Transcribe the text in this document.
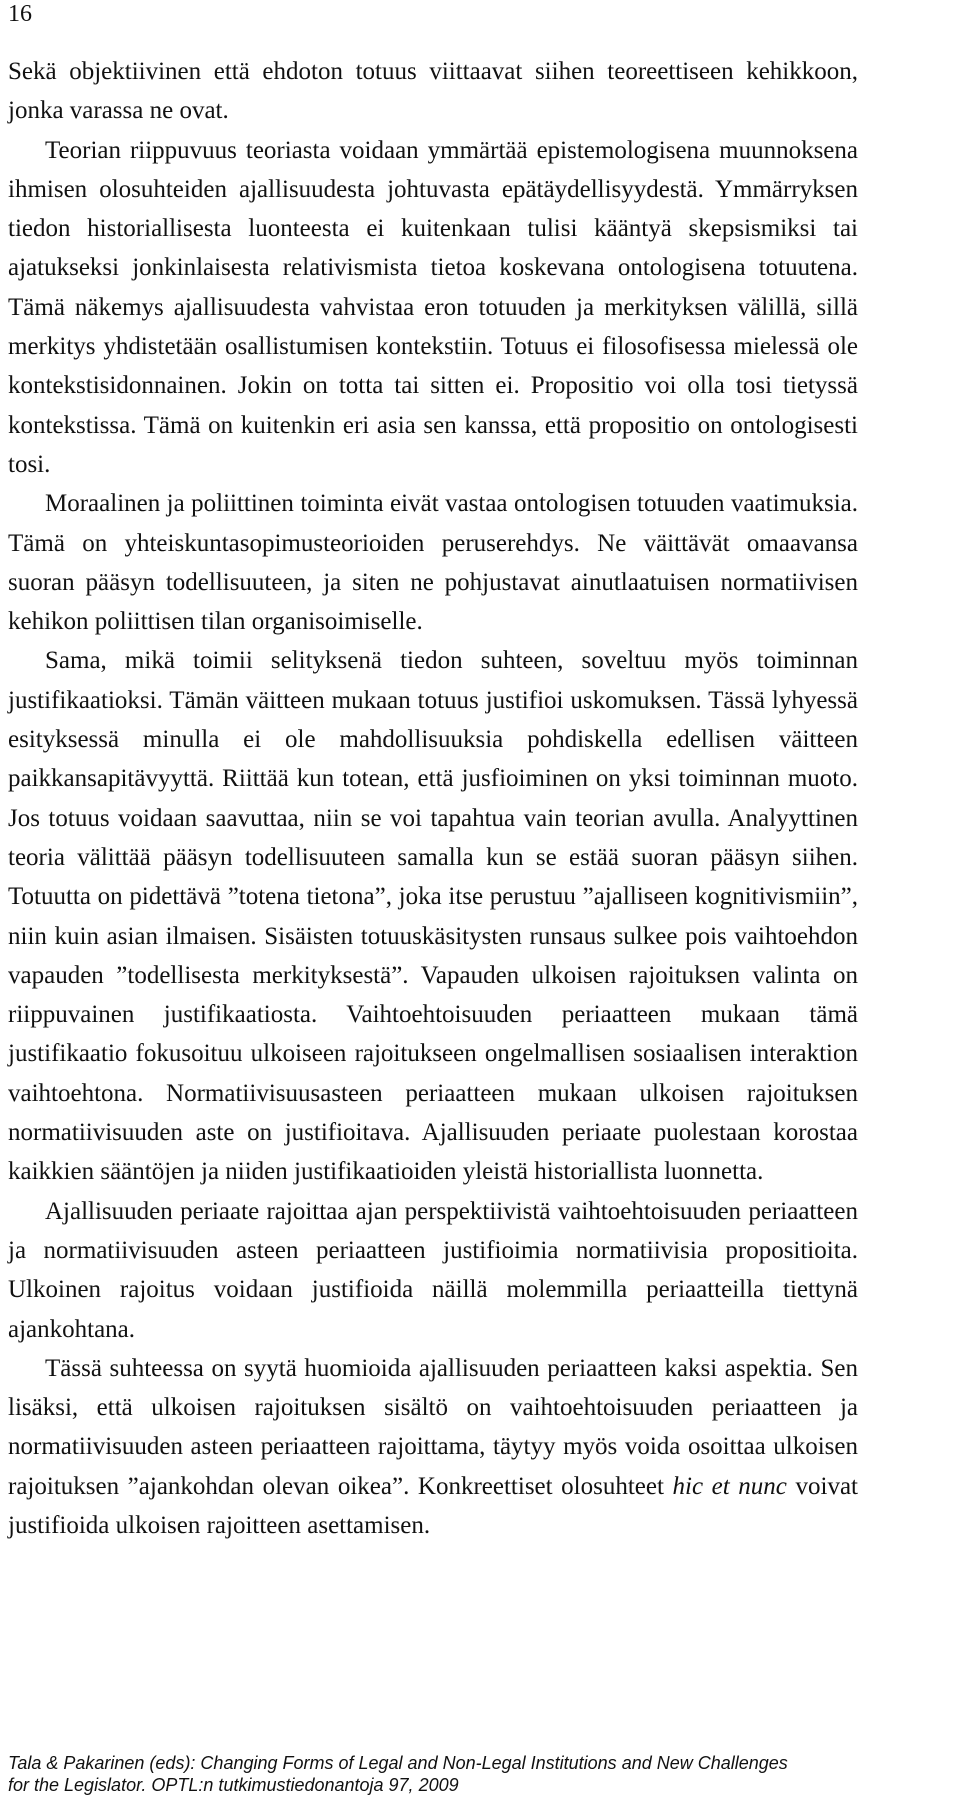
16

Sekä objektiivinen että ehdoton totuus viittaavat siihen teoreettiseen kehikkoon, jonka varassa ne ovat.

Teorian riippuvuus teoriasta voidaan ymmärtää epistemologisena muunnoksena ihmisen olosuhteiden ajallisuudesta johtuvasta epätäydellisyydestä. Ymmärryksen tiedon historiallisesta luonteesta ei kuitenkaan tulisi kääntyä skepsismiksi tai ajatukseksi jonkinlaisesta relativismista tietoa koskevana ontologisena totuutena. Tämä näkemys ajallisuudesta vahvistaa eron totuuden ja merkityksen välillä, sillä merkitys yhdistetään osallistumisen kontekstiin. Totuus ei filosofisessa mielessä ole kontekstisidonnainen. Jokin on totta tai sitten ei. Propositio voi olla tosi tietyssä kontekstissa. Tämä on kuitenkin eri asia sen kanssa, että propositio on ontologisesti tosi.

Moraalinen ja poliittinen toiminta eivät vastaa ontologisen totuuden vaatimuksia. Tämä on yhteiskuntasopimusteorioiden peruserehdys. Ne väittävät omaavansa suoran pääsyn todellisuuteen, ja siten ne pohjustavat ainutlaatuisen normatiivisen kehikon poliittisen tilan organisoimiselle.

Sama, mikä toimii selityksenä tiedon suhteen, soveltuu myös toiminnan justifikaatioksi. Tämän väitteen mukaan totuus justifioi uskomuksen. Tässä lyhyessä esityksessä minulla ei ole mahdollisuuksia pohdiskella edellisen väitteen paikkansapitävyyttä. Riittää kun totean, että jusfioiminen on yksi toiminnan muoto. Jos totuus voidaan saavuttaa, niin se voi tapahtua vain teorian avulla. Analyyttinen teoria välittää pääsyn todellisuuteen samalla kun se estää suoran pääsyn siihen. Totuutta on pidettävä ”totena tietona”, joka itse perustuu ”ajalliseen kognitivismiin”, niin kuin asian ilmaisen. Sisäisten totuuskäsitysten runsaus sulkee pois vaihtoehdon vapauden ”todellisesta merkityksestä”. Vapauden ulkoisen rajoituksen valinta on riippuvainen justifikaatiosta. Vaihtoehtoisuuden periaatteen mukaan tämä justifikaatio fokusoituu ulkoiseen rajoitukseen ongelmallisen sosiaalisen interaktion vaihtoehtona. Normatiivisuusasteen periaatteen mukaan ulkoisen rajoituksen normatiivisuuden aste on justifioitava. Ajallisuuden periaate puolestaan korostaa kaikkien sääntöjen ja niiden justifikaatioiden yleistä historiallista luonnetta.

Ajallisuuden periaate rajoittaa ajan perspektiivistä vaihtoehtoisuuden periaatteen ja normatiivisuuden asteen periaatteen justifioimia normatiivisia propositioita. Ulkoinen rajoitus voidaan justifioida näillä molemmilla periaatteilla tiettynä ajankohtana.

Tässä suhteessa on syytä huomioida ajallisuuden periaatteen kaksi aspektia. Sen lisäksi, että ulkoisen rajoituksen sisältö on vaihtoehtoisuuden periaatteen ja normatiivisuuden asteen periaatteen rajoittama, täytyy myös voida osoittaa ulkoisen rajoituksen ”ajankohdan olevan oikea”. Konkreettiset olosuhteet hic et nunc voivat justifioida ulkoisen rajoitteen asettamisen.

Tala & Pakarinen (eds): Changing Forms of Legal and Non-Legal Institutions and New Challenges
for the Legislator. OPTL:n tutkimustiedonantoja 97, 2009
